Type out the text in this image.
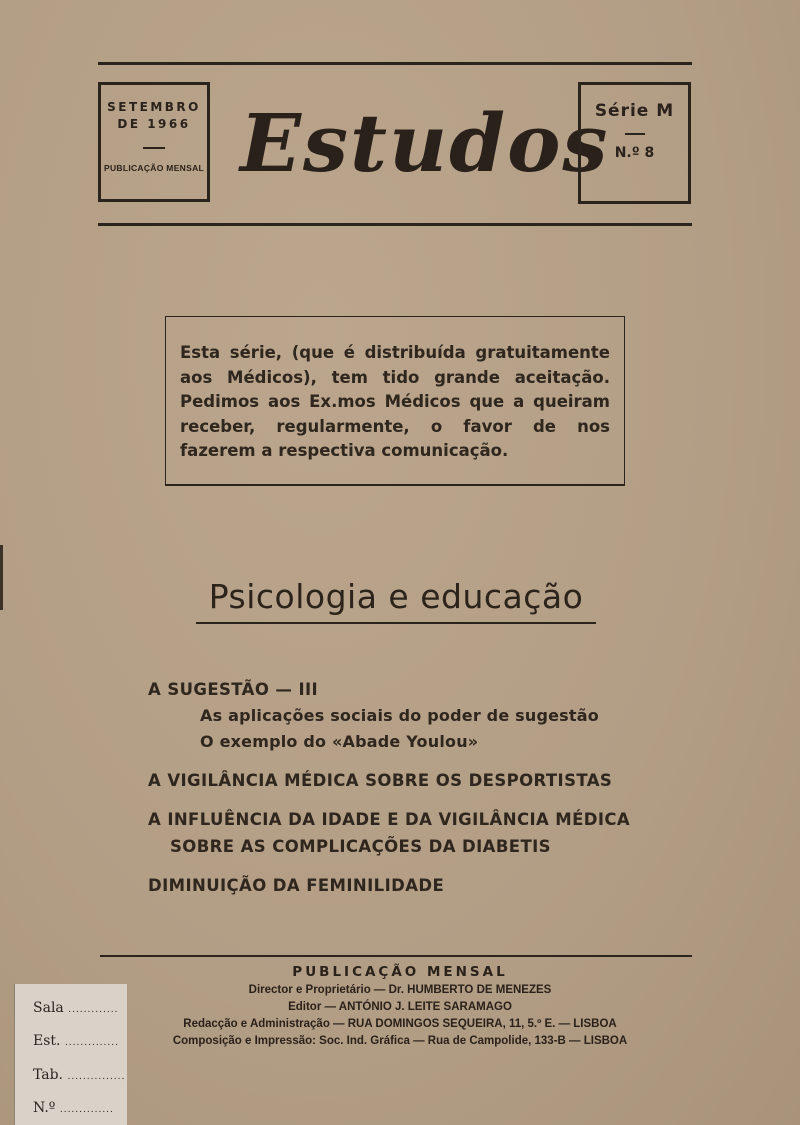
SETEMBRO
DE 1966
PUBLICAÇÃO MENSAL Estudos
Série M
N.º 8

Esta série, (que é distribuída gratuitamente aos Médicos), tem tido grande aceitação. Pedimos aos Ex.mos Médicos que a queiram receber, regularmente, o favor de nos fazerem a respectiva comunicação.

Psicologia e educação
A SUGESTÃO — III
As aplicações sociais do poder de sugestão
O exemplo do «Abade Youlou»
A VIGILÂNCIA MÉDICA SOBRE OS DESPORTISTAS
A INFLUÊNCIA DA IDADE E DA VIGILÂNCIA MÉDICA
SOBRE AS COMPLICAÇÕES DA DIABETIS
DIMINUIÇÃO DA FEMINILIDADE
PUBLICAÇÃO MENSAL
Director e Proprietário — Dr. HUMBERTO DE MENEZES
Editor — ANTÓNIO J. LEITE SARAMAGO
Redacção e Administração — RUA DOMINGOS SEQUEIRA, 11, 5.º E. — LISBOA
Composição e Impressão: Soc. Ind. Gráfica — Rua de Campolide, 133-B — LISBOA
Sala .............
Est. ..............
Tab. ...............
N.º ..............
